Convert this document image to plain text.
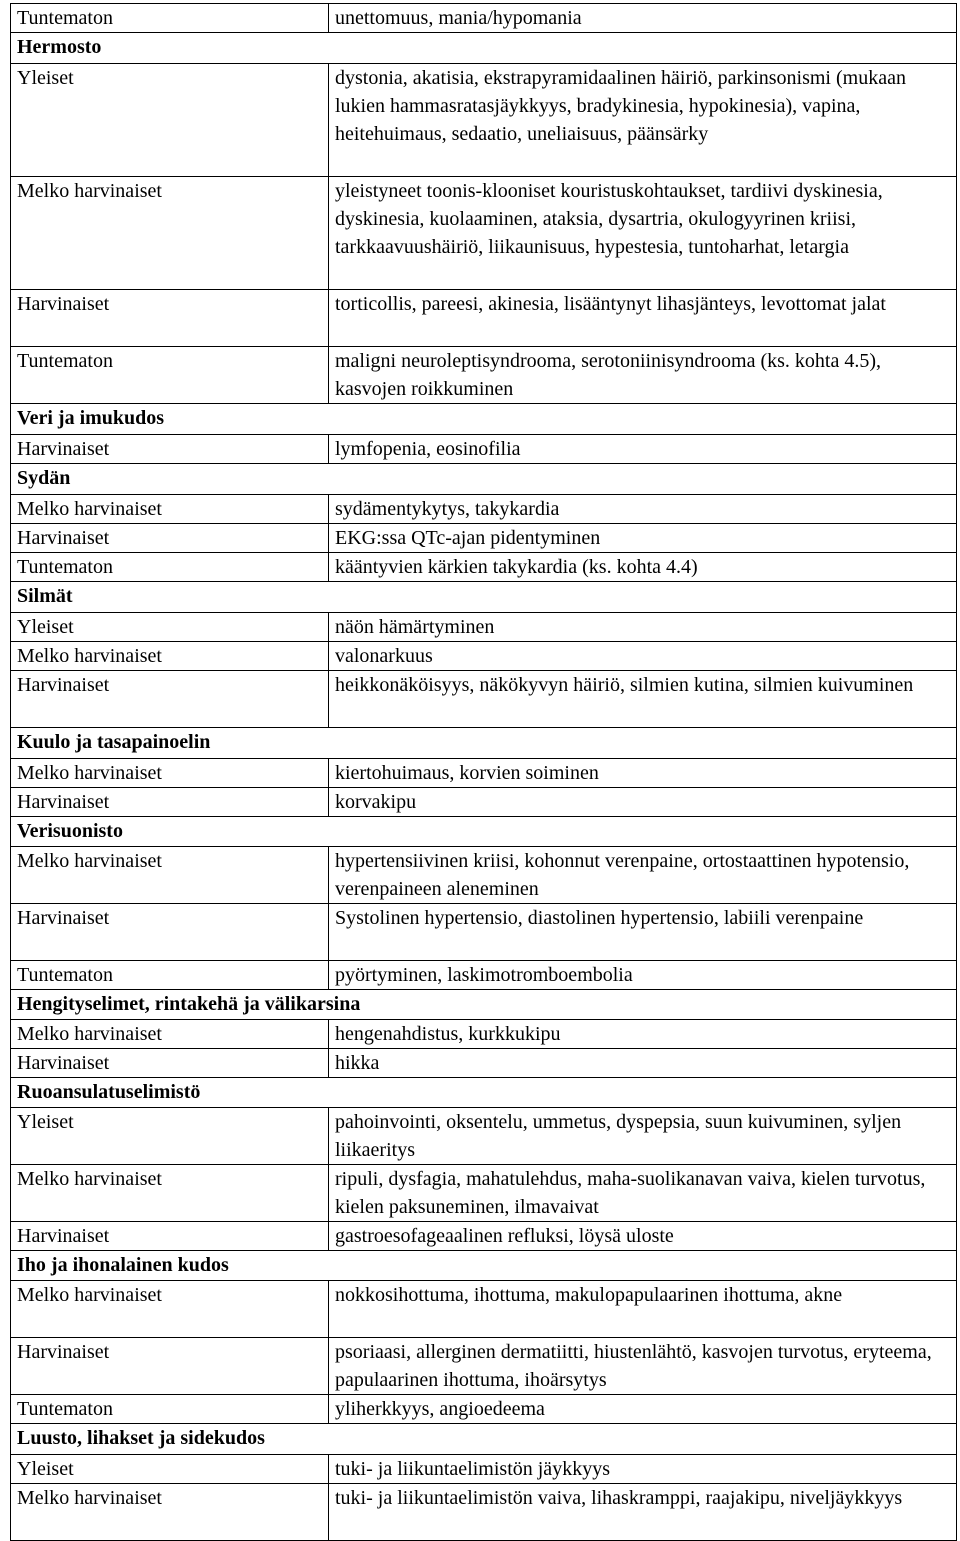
Tuntematon	unettomuus, mania/hypomania
Hermosto	
Yleiset	dystonia, akatisia, ekstrapyramidaalinen häiriö, parkinsonismi (mukaan lukien hammasratasjäykkyys, bradykinesia, hypokinesia), vapina, heitehuimaus, sedaatio, uneliaisuus, päänsärky
Melko harvinaiset	yleistyneet toonis-klooniset kouristuskohtaukset, tardiivi dyskinesia, dyskinesia, kuolaaminen, ataksia, dysartria, okulogyyrinen kriisi, tarkkaavuushäiriö, liikaunisuus, hypestesia, tuntoharhat, letargia
Harvinaiset	torticollis, pareesi, akinesia, lisääntynyt lihasjänteys, levottomat jalat
Tuntematon	maligni neuroleptisyndrooma, serotoniinisyndrooma (ks. kohta 4.5), kasvojen roikkuminen
Veri ja imukudos	
Harvinaiset	lymfopenia, eosinofilia
Sydän	
Melko harvinaiset	sydämentykytys, takykardia
Harvinaiset	EKG:ssa QTc-ajan pidentyminen
Tuntematon	kääntyvien kärkien takykardia (ks. kohta 4.4)
Silmät	
Yleiset	näön hämärtyminen
Melko harvinaiset	valonarkuus
Harvinaiset	heikkonäköisyys, näkökyvyn häiriö, silmien kutina, silmien kuivuminen
Kuulo ja tasapainoelin	
Melko harvinaiset	kiertohuimaus, korvien soiminen
Harvinaiset	korvakipu
Verisuonisto	
Melko harvinaiset	hypertensiivinen kriisi, kohonnut verenpaine, ortostaattinen hypotensio, verenpaineen aleneminen
Harvinaiset	Systolinen hypertensio, diastolinen hypertensio, labiili verenpaine
Tuntematon	pyörtyminen, laskimotromboembolia
Hengityselimet, rintakehä ja välikarsina	
Melko harvinaiset	hengenahdistus, kurkkukipu
Harvinaiset	hikka
Ruoansulatuselimistö	
Yleiset	pahoinvointi, oksentelu, ummetus, dyspepsia, suun kuivuminen, syljen liikaeritys
Melko harvinaiset	ripuli, dysfagia, mahatulehdus, maha-suolikanavan vaiva, kielen turvotus, kielen paksuneminen, ilmavaivat
Harvinaiset	gastroesofageaalinen refluksi, löysä uloste
Iho ja ihonalainen kudos	
Melko harvinaiset	nokkosihottuma, ihottuma, makulopapulaarinen ihottuma, akne
Harvinaiset	psoriaasi, allerginen dermatiitti, hiustenlähtö, kasvojen turvotus, eryteema, papulaarinen ihottuma, ihoärsytys
Tuntematon	yliherkkyys, angioedeema
Luusto, lihakset ja sidekudos	
Yleiset	tuki- ja liikuntaelimistön jäykkyys
Melko harvinaiset	tuki- ja liikuntaelimistön vaiva, lihaskramppi, raajakipu, niveljäykkyys
